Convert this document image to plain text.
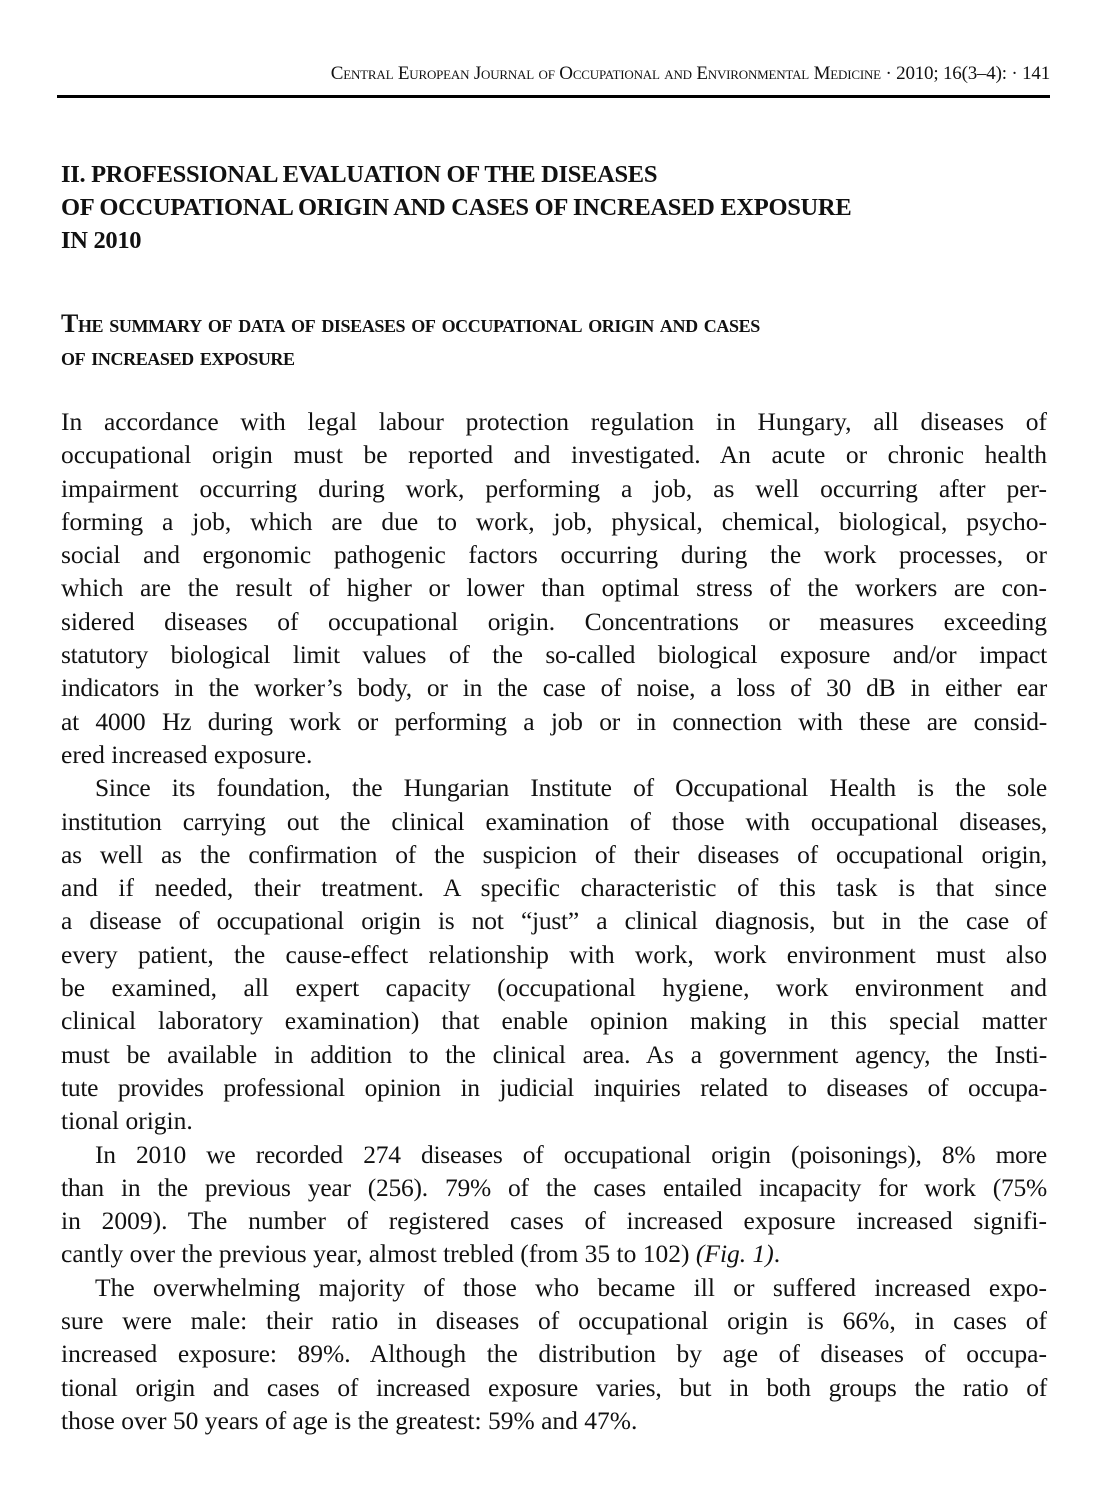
Central European Journal of Occupational and Environmental Medicine · 2010; 16(3–4): · 141
II. PROFESSIONAL EVALUATION OF THE DISEASES
OF OCCUPATIONAL ORIGIN AND CASES OF INCREASED EXPOSURE
IN 2010
The summary of data of diseases of occupational origin and cases
of increased exposure
In accordance with legal labour protection regulation in Hungary, all diseases of
occupational origin must be reported and investigated. An acute or chronic health
impairment occurring during work, performing a job, as well occurring after per-
forming a job, which are due to work, job, physical, chemical, biological, psycho-
social and ergonomic pathogenic factors occurring during the work processes, or
which are the result of higher or lower than optimal stress of the workers are con-
sidered diseases of occupational origin. Concentrations or measures exceeding
statutory biological limit values of the so-called biological exposure and/or impact
indicators in the worker’s body, or in the case of noise, a loss of 30 dB in either ear
at 4000 Hz during work or performing a job or in connection with these are consid-
ered increased exposure.
Since its foundation, the Hungarian Institute of Occupational Health is the sole
institution carrying out the clinical examination of those with occupational diseases,
as well as the confirmation of the suspicion of their diseases of occupational origin,
and if needed, their treatment. A specific characteristic of this task is that since
a disease of occupational origin is not “just” a clinical diagnosis, but in the case of
every patient, the cause-effect relationship with work, work environment must also
be examined, all expert capacity (occupational hygiene, work environment and
clinical laboratory examination) that enable opinion making in this special matter
must be available in addition to the clinical area. As a government agency, the Insti-
tute provides professional opinion in judicial inquiries related to diseases of occupa-
tional origin.
In 2010 we recorded 274 diseases of occupational origin (poisonings), 8% more
than in the previous year (256). 79% of the cases entailed incapacity for work (75%
in 2009). The number of registered cases of increased exposure increased signifi-
cantly over the previous year, almost trebled (from 35 to 102) (Fig. 1).
The overwhelming majority of those who became ill or suffered increased expo-
sure were male: their ratio in diseases of occupational origin is 66%, in cases of
increased exposure: 89%. Although the distribution by age of diseases of occupa-
tional origin and cases of increased exposure varies, but in both groups the ratio of
those over 50 years of age is the greatest: 59% and 47%.
